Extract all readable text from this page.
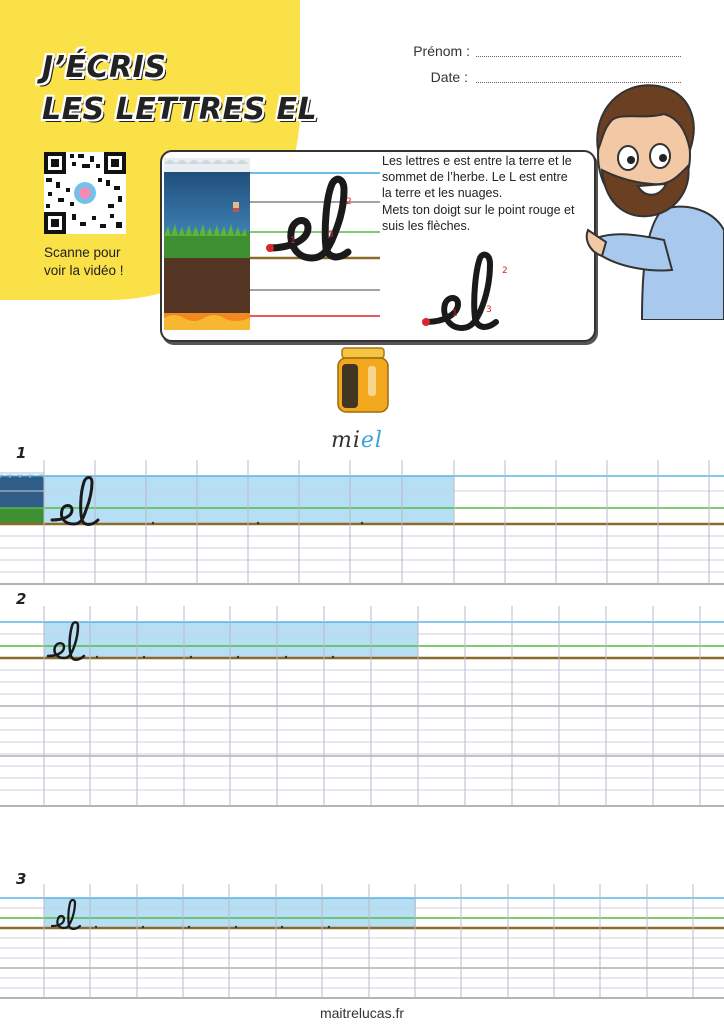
J’ÉCRIS
LES LETTRES EL
Prénom :
Date :
Scanne pour
voir la vidéo !
1
3
2
Les lettres e est entre la terre et le
sommet de l’herbe. Le L est entre
la terre et les nuages.
Mets ton doigt sur le point rouge et
suis les flèches.
1	3
2
miel
1
2
3
maitrelucas.fr
